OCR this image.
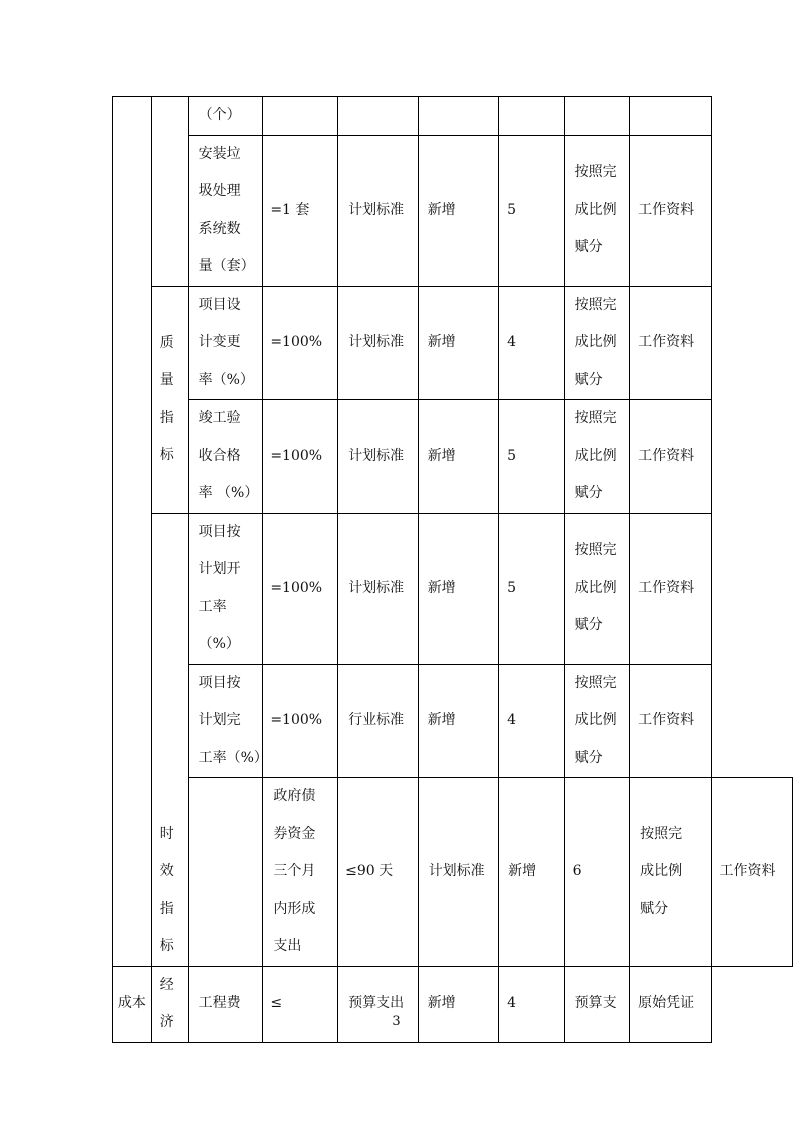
		（个）							

		安装垃
圾处理
系统数
量（套）	=1 套	计划标准	新增	5	按照完
成比例
赋分	工作资料	

	质量
指标	项目设
计变更
率（%）	=100%	计划标准	新增	4	按照完
成比例
赋分	工作资料	

		竣工验
收合格
率 （%）	=100%	计划标准	新增	5	按照完
成比例
赋分	工作资料	

	时效
指标	项目按
计划开
工率
（%）	=100%	计划标准	新增	5	按照完
成比例
赋分	工作资料	

		项目按
计划完
工率（%）	=100%	行业标准	新增	4	按照完
成比例
赋分	工作资料	

			政府债
券资金
三个月
内形成
支出	≤90 天	计划标准	新增	6	按照完
成比例
赋分	工作资料
成本	经济	工程费	≤	预算支出	新增	4	预算支	原始凭证	
3
